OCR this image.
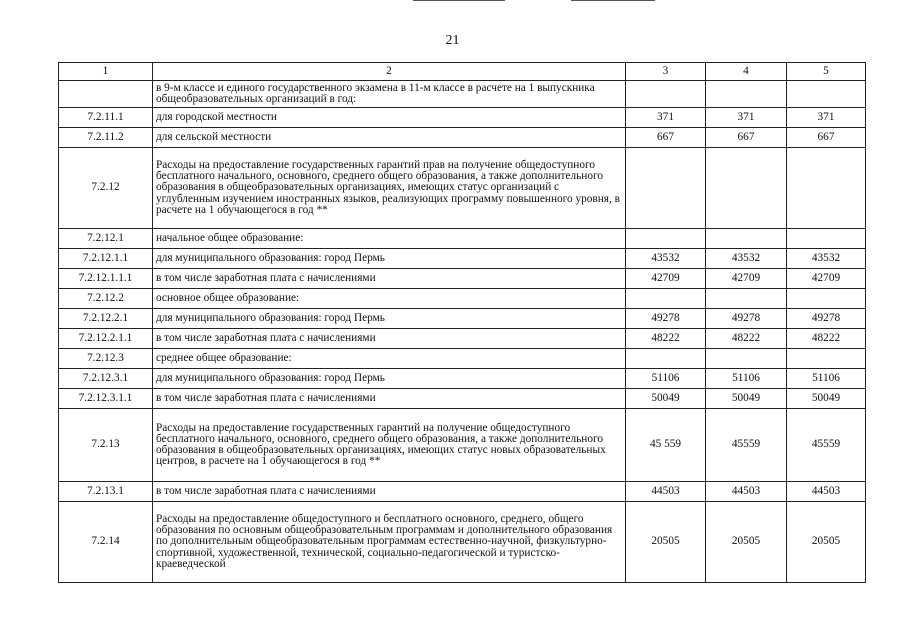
21
1	2	3	4	5
	в 9-м классе и единого государственного экзамена в 11-м классе в расчете на 1 выпускника общеобразовательных организаций в год:			
7.2.11.1	для городской местности	371	371	371
7.2.11.2	для сельской местности	667	667	667
7.2.12	Расходы на предоставление государственных гарантий прав на получение общедоступного бесплатного начального, основного, среднего общего образования, а также дополнительного образования в общеобразовательных организациях, имеющих статус организаций с углубленным изучением иностранных языков, реализующих программу повышенного уровня, в расчете на 1 обучающегося в год **			
7.2.12.1	начальное общее образование:			
7.2.12.1.1	для муниципального образования: город Пермь	43532	43532	43532
7.2.12.1.1.1	в том числе заработная плата с начислениями	42709	42709	42709
7.2.12.2	основное общее образование:			
7.2.12.2.1	для муниципального образования: город Пермь	49278	49278	49278
7.2.12.2.1.1	в том числе заработная плата с начислениями	48222	48222	48222
7.2.12.3	среднее общее образование:			
7.2.12.3.1	для муниципального образования: город Пермь	51106	51106	51106
7.2.12.3.1.1	в том числе заработная плата с начислениями	50049	50049	50049
7.2.13	Расходы на предоставление государственных гарантий на получение общедоступного бесплатного начального, основного, среднего общего образования, а также дополнительного образования в общеобразовательных организациях, имеющих статус новых образовательных центров, в расчете на 1 обучающегося в год **	45 559	45559	45559
7.2.13.1	в том числе заработная плата с начислениями	44503	44503	44503
7.2.14	Расходы на предоставление общедоступного и бесплатного основного, среднего, общего образования по основным общеобразовательным программам и дополнительного образования по дополнительным общеобразовательным программам естественно-научной, физкультурно-спортивной, художественной, технической, социально-педагогической и туристско-краеведческой	20505	20505	20505
